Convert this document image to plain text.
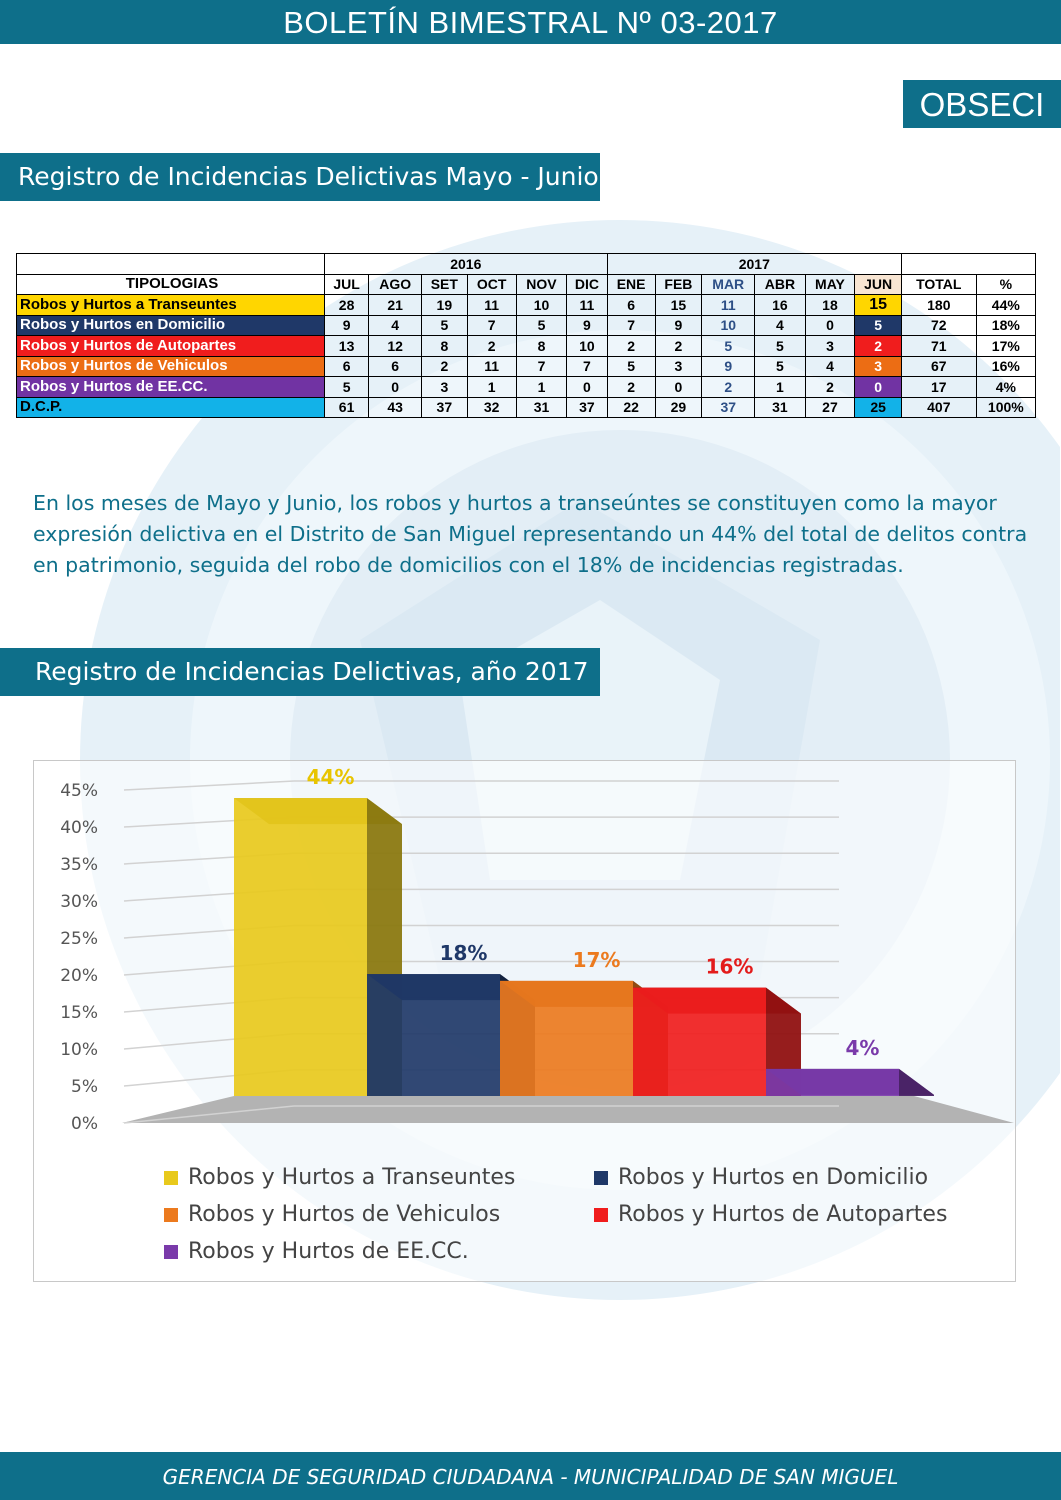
BOLETÍN BIMESTRAL Nº 03-2017
OBSECI
Registro de Incidencias Delictivas Mayo - Junio 2017
	2016						2017							
TIPOLOGIAS	JUL	AGO	SET	OCT	NOV	DIC	ENE	FEB	MAR	ABR	MAY	JUN	TOTAL	%
Robos y Hurtos a Transeuntes	28	21	19	11	10	11	6	15	11	16	18	15	180	44%
Robos y Hurtos en Domicilio	9	4	5	7	5	9	7	9	10	4	0	5	72	18%
Robos y Hurtos de Autopartes	13	12	8	2	8	10	2	2	5	5	3	2	71	17%
Robos y Hurtos de Vehiculos	6	6	2	11	7	7	5	3	9	5	4	3	67	16%
Robos y Hurtos de EE.CC.	5	0	3	1	1	0	2	0	2	1	2	0	17	4%
D.C.P.	61	43	37	32	31	37	22	29	37	31	27	25	407	100%

En los meses de Mayo y Junio, los robos y hurtos a transeúntes se constituyen como la mayor expresión delictiva en el Distrito de San Miguel representando un 44% del total de delitos contra en patrimonio, seguida del robo de domicilios con el 18% de incidencias registradas.

Registro de Incidencias Delictivas, año 2017
0%
5%
10%
15%
20%
25%
30%
35%
40%
45%
44%
18%	17%	16%
4%
Robos y Hurtos a Transeuntes	Robos y Hurtos en Domicilio
Robos y Hurtos de Vehiculos	Robos y Hurtos de Autopartes
Robos y Hurtos de EE.CC.
GERENCIA DE SEGURIDAD CIUDADANA - MUNICIPALIDAD DE SAN MIGUEL
